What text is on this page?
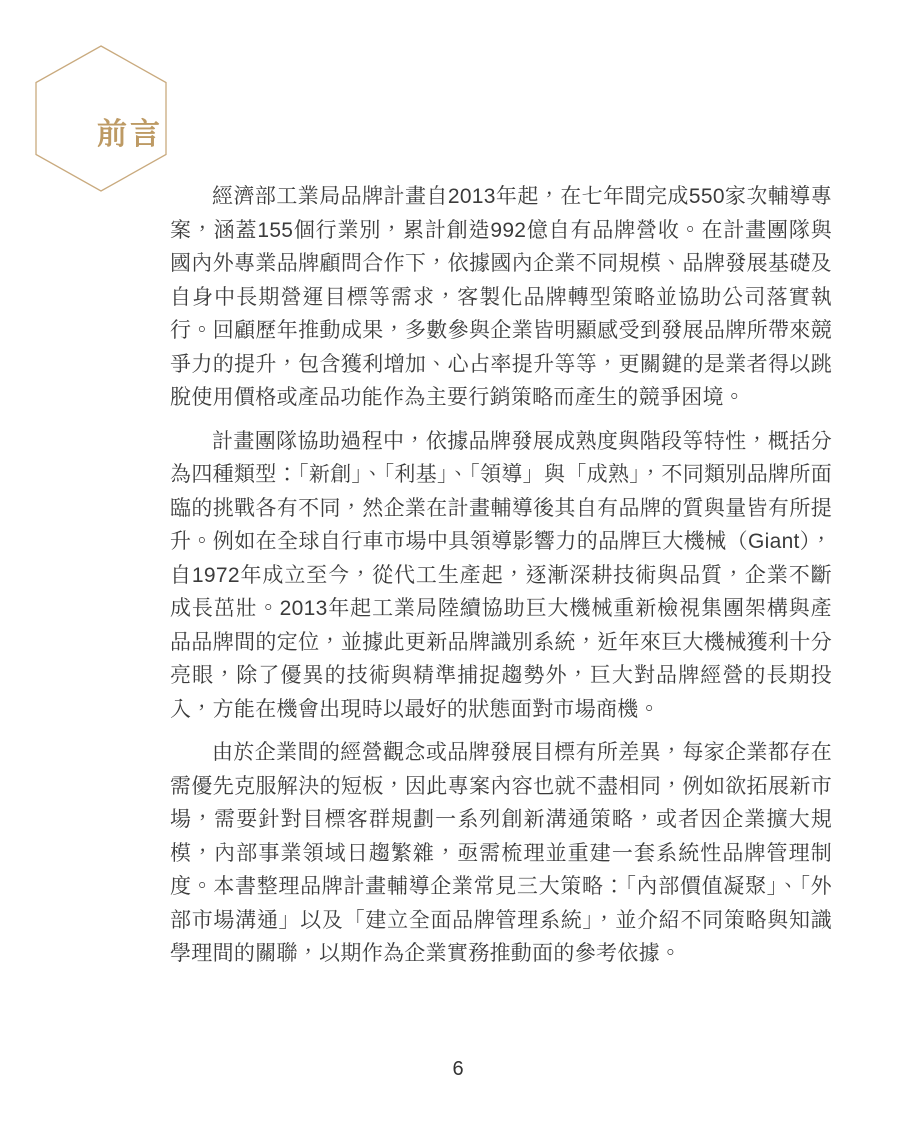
前言

經濟部工業局品牌計畫自2013年起，在七年間完成550家次輔導專案，涵蓋155個行業別，累計創造992億自有品牌營收。在計畫團隊與國內外專業品牌顧問合作下，依據國內企業不同規模、品牌發展基礎及自身中長期營運目標等需求，客製化品牌轉型策略並協助公司落實執行。回顧歷年推動成果，多數參與企業皆明顯感受到發展品牌所帶來競爭力的提升，包含獲利增加、心占率提升等等，更關鍵的是業者得以跳脫使用價格或產品功能作為主要行銷策略而產生的競爭困境。

計畫團隊協助過程中，依據品牌發展成熟度與階段等特性，概括分為四種類型：「新創」、「利基」、「領導」與「成熟」，不同類別品牌所面臨的挑戰各有不同，然企業在計畫輔導後其自有品牌的質與量皆有所提升。例如在全球自行車市場中具領導影響力的品牌巨大機械（Giant），自1972年成立至今，從代工生產起，逐漸深耕技術與品質，企業不斷成長茁壯。2013年起工業局陸續協助巨大機械重新檢視集團架構與產品品牌間的定位，並據此更新品牌識別系統，近年來巨大機械獲利十分亮眼，除了優異的技術與精準捕捉趨勢外，巨大對品牌經營的長期投入，方能在機會出現時以最好的狀態面對市場商機。

由於企業間的經營觀念或品牌發展目標有所差異，每家企業都存在需優先克服解決的短板，因此專案內容也就不盡相同，例如欲拓展新市場，需要針對目標客群規劃一系列創新溝通策略，或者因企業擴大規模，內部事業領域日趨繁雜，亟需梳理並重建一套系統性品牌管理制度。本書整理品牌計畫輔導企業常見三大策略：「內部價值凝聚」、「外部市場溝通」以及「建立全面品牌管理系統」，並介紹不同策略與知識學理間的關聯，以期作為企業實務推動面的參考依據。

6
